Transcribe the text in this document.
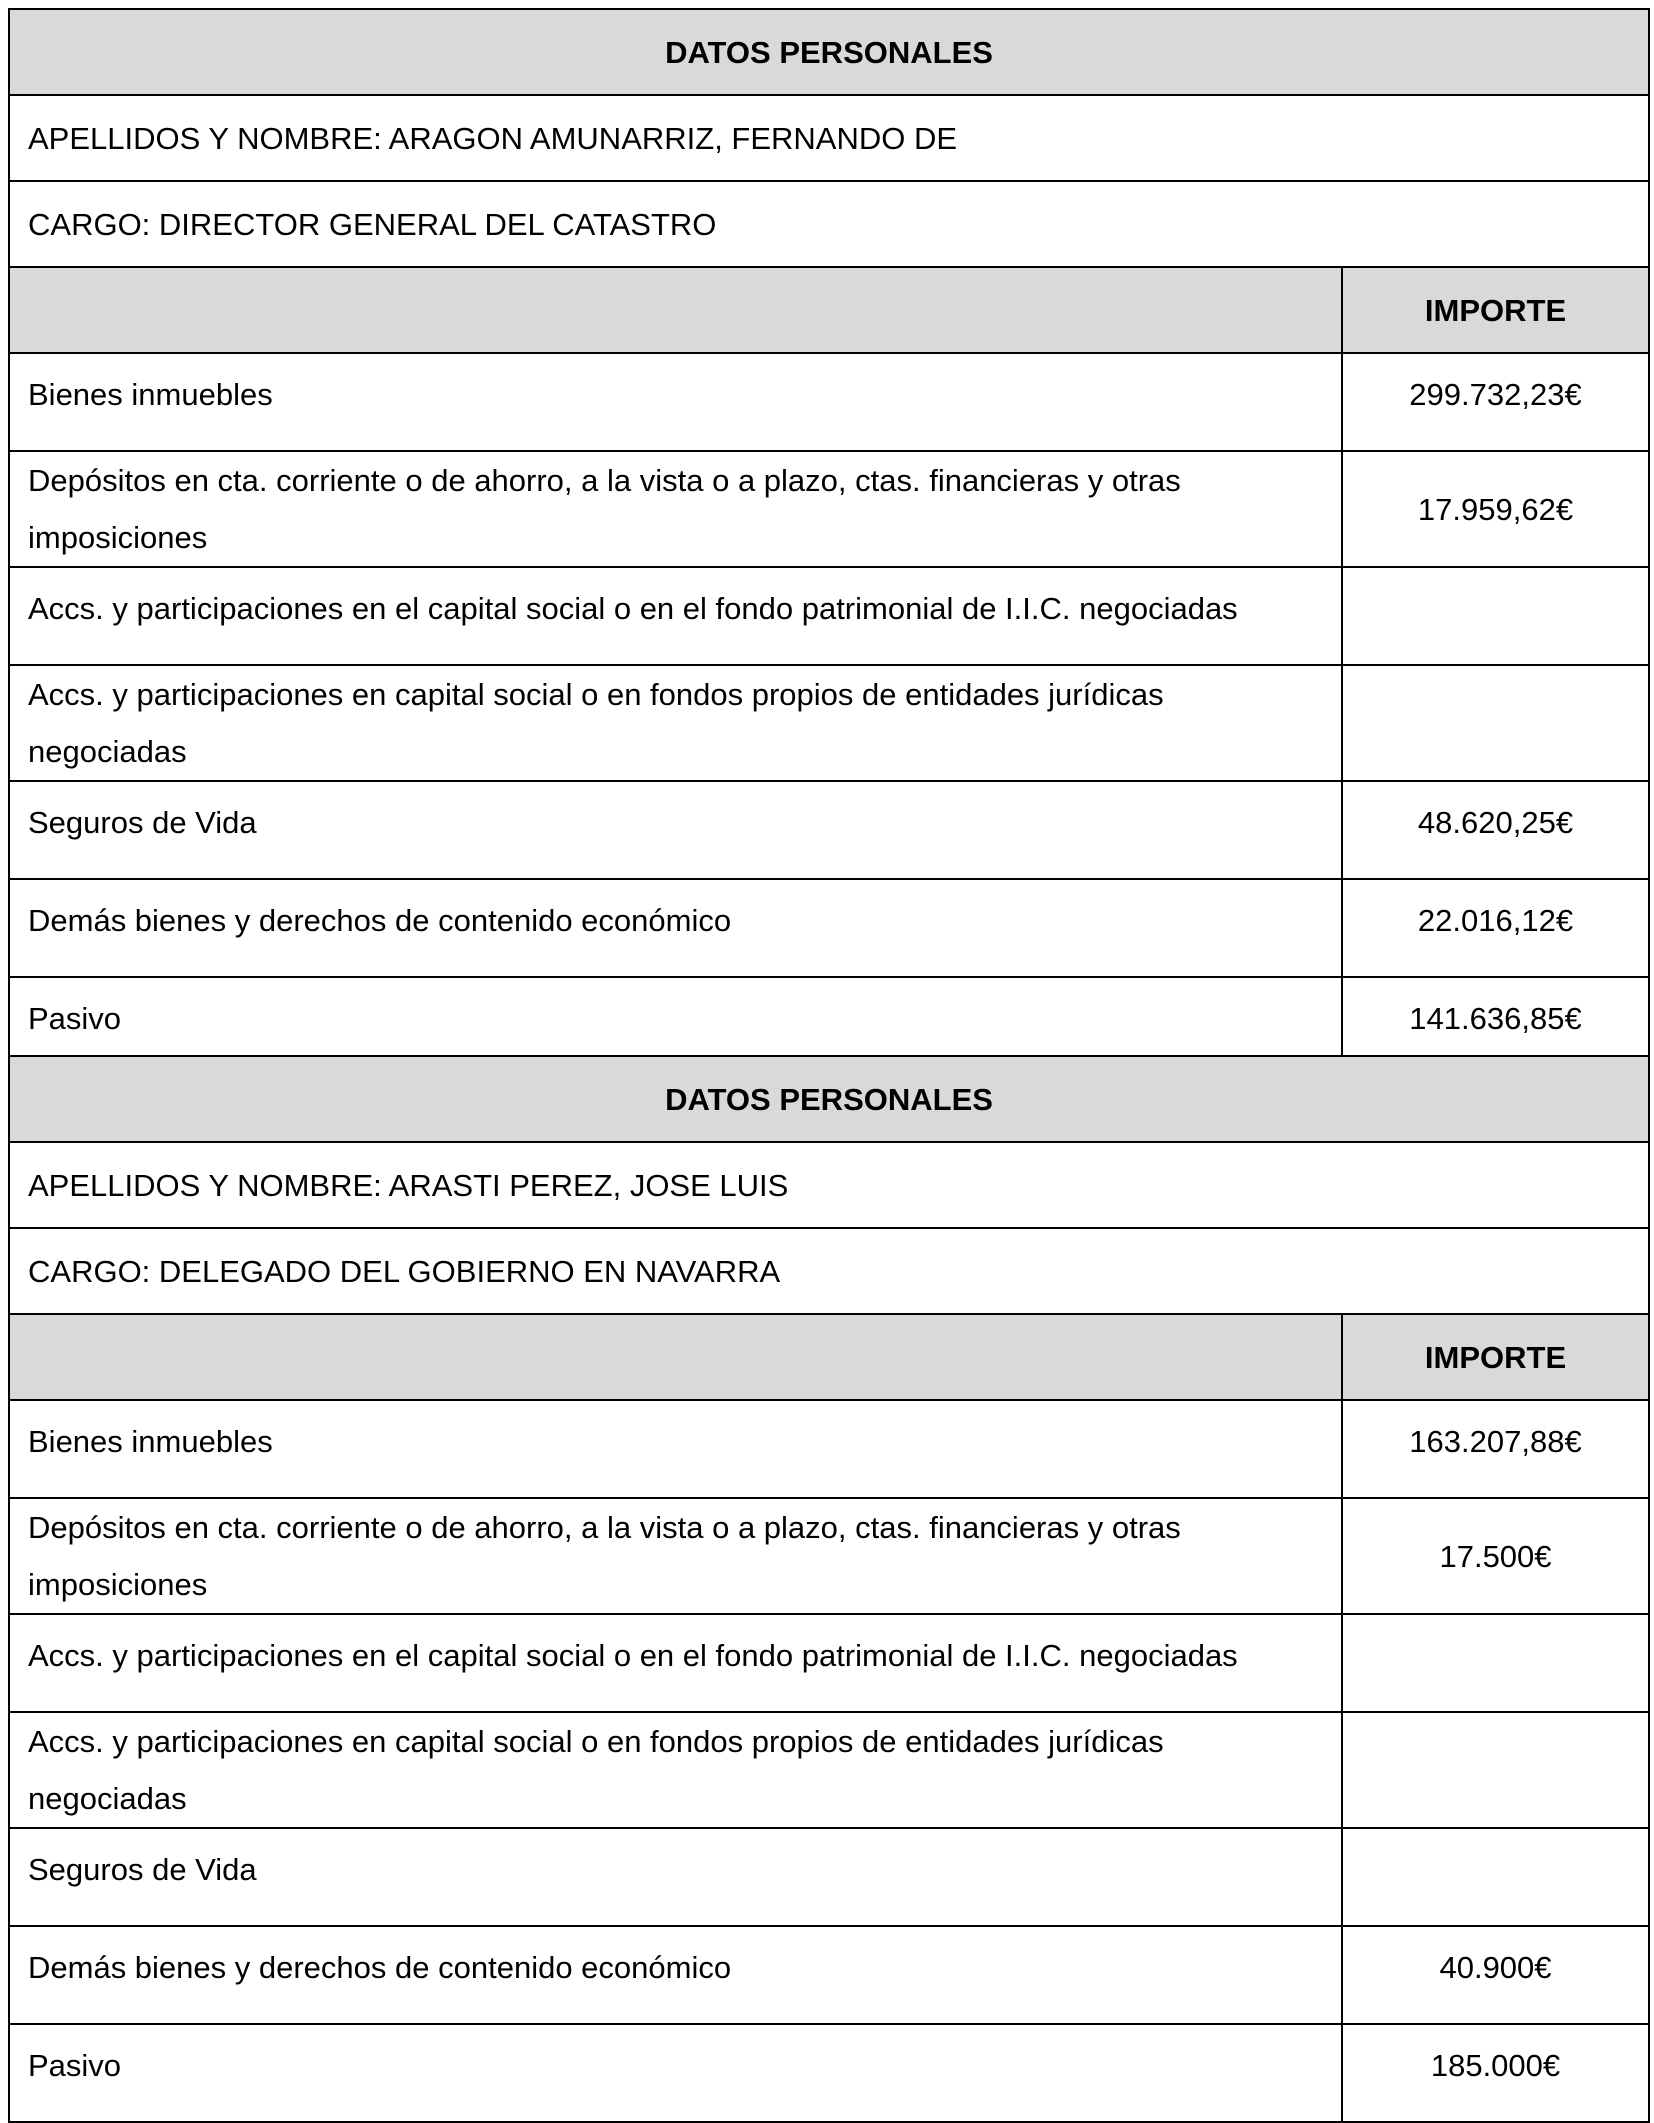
DATOS PERSONALES	
APELLIDOS Y NOMBRE: ARAGON AMUNARRIZ, FERNANDO DE	
CARGO: DIRECTOR GENERAL DEL CATASTRO	
	IMPORTE
Bienes inmuebles	299.732,23€
Depósitos en cta. corriente o de ahorro, a la vista o a plazo, ctas. financieras y otras imposiciones	17.959,62€
Accs. y participaciones en el capital social o en el fondo patrimonial de I.I.C. negociadas	
Accs. y participaciones en capital social o en fondos propios de entidades jurídicas negociadas	
Seguros de Vida	48.620,25€
Demás bienes y derechos de contenido económico	22.016,12€
Pasivo	141.636,85€
DATOS PERSONALES	
APELLIDOS Y NOMBRE: ARASTI PEREZ, JOSE LUIS	
CARGO: DELEGADO DEL GOBIERNO EN NAVARRA	
	IMPORTE
Bienes inmuebles	163.207,88€
Depósitos en cta. corriente o de ahorro, a la vista o a plazo, ctas. financieras y otras imposiciones	17.500€
Accs. y participaciones en el capital social o en el fondo patrimonial de I.I.C. negociadas	
Accs. y participaciones en capital social o en fondos propios de entidades jurídicas negociadas	
Seguros de Vida	
Demás bienes y derechos de contenido económico	40.900€
Pasivo	185.000€
